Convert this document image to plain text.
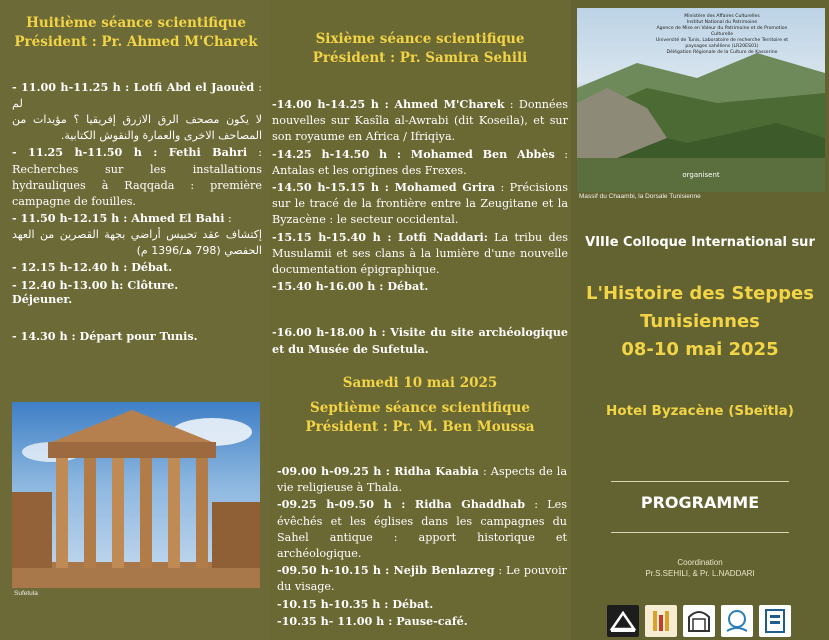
Huitième séance scientifique
Président : Pr. Ahmed M'Charek
- 11.00 h-11.25 h : Lotfi Abd el Jaouèd : لم
لا يكون مصحف الرق الازرق إفريقيا ؟ مؤيدات من المصاحف الاخرى والعمارة والنقوش الكتابية.
- 11.25 h-11.50 h : Fethi Bahri : Recherches sur les installations hydrauliques à Raqqada : première campagne de fouilles.
- 11.50 h-12.15 h : Ahmed El Bahi :
إكتشاف عقد تحبيس أراضي بجهة القصرين من العهد الحفصي (798 هـ/1396 م)
- 12.15 h-12.40 h : Débat.
- 12.40 h-13.00 h: Clôture.
Déjeuner.
- 14.30 h : Départ pour Tunis.
Sufetula
Sixième séance scientifique
Président : Pr. Samira Sehili
-14.00 h-14.25 h : Ahmed M'Charek : Données nouvelles sur Kasîla al-Awrabi (dit Koseila), et sur son royaume en Africa / Ifriqiya.
-14.25 h-14.50 h : Mohamed Ben Abbès : Antalas et les origines des Frexes.
-14.50 h-15.15 h : Mohamed Grira : Précisions sur le tracé de la frontière entre la Zeugitane et la Byzacène : le secteur occidental.
-15.15 h-15.40 h : Lotfi Naddari: La tribu des Musulamii et ses clans à la lumière d'une nouvelle documentation épigraphique.
-15.40 h-16.00 h : Débat.
-16.00 h-18.00 h : Visite du site archéologique et du Musée de Sufetula.
Samedi 10 mai 2025
Septième séance scientifique
Président : Pr. M. Ben Moussa
-09.00 h-09.25 h : Ridha Kaabia : Aspects de la vie religieuse à Thala.
-09.25 h-09.50 h : Ridha Ghaddhab : Les évêchés et les églises dans les campagnes du Sahel antique : apport historique et archéologique.
-09.50 h-10.15 h : Nejib Benlazreg : Le pouvoir du visage.
-10.15 h-10.35 h : Débat.
-10.35 h- 11.00 h : Pause-café.
Ministère des Affaires Culturelles
Institut National du Patrimoine
Agence de Mise en Valeur du Patrimoine et de Promotion Culturelle
Université de Tunis, Laboratoire de recherche Territoire et paysages sahéliens (LR20ES01)
Délégation Régionale de la Culture de Kasserine
organisent
Massif du Chaambi, la Dorsale Tunisienne
VIIIe Colloque International sur
L'Histoire des Steppes
Tunisiennes
08-10 mai 2025
Hotel Byzacène (Sbeïtla)
PROGRAMME
Coordination
Pr.S.SEHILI, & Pr. L.NADDARI
